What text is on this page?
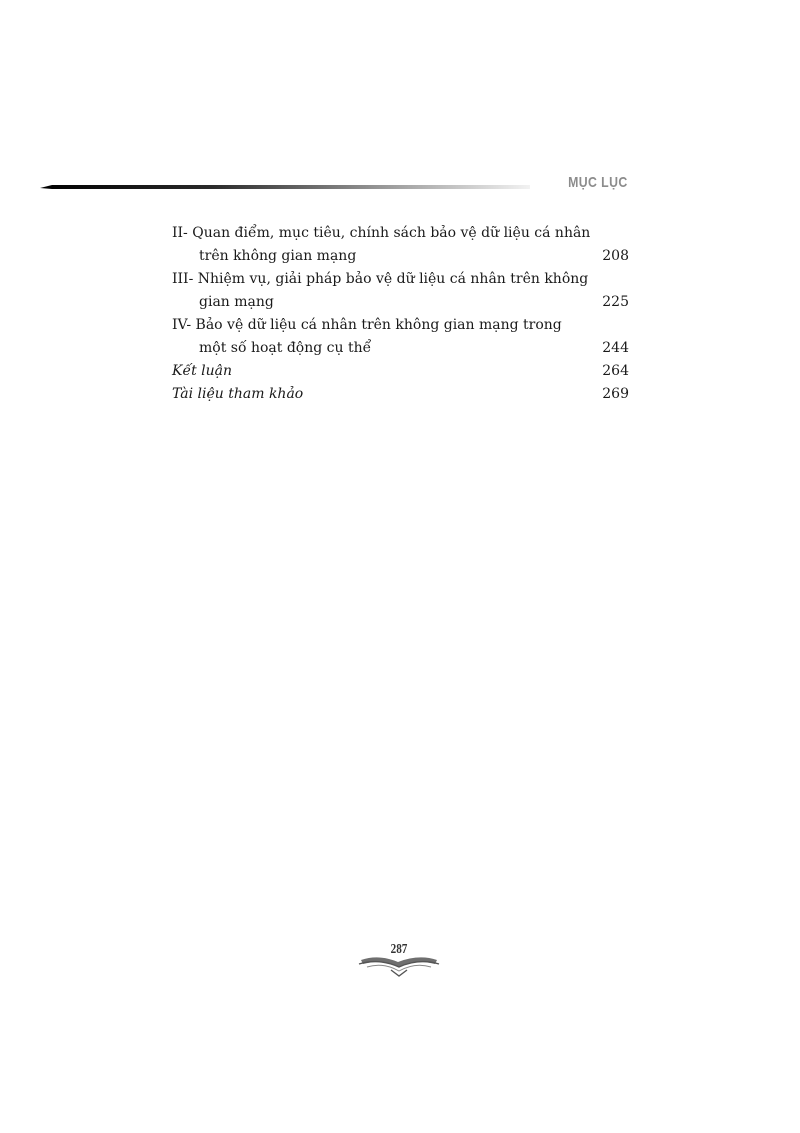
MỤC LỤC
II- Quan điểm, mục tiêu, chính sách bảo vệ dữ liệu cá nhân
trên không gian mạng	208
III- Nhiệm vụ, giải pháp bảo vệ dữ liệu cá nhân trên không
gian mạng	225
IV- Bảo vệ dữ liệu cá nhân trên không gian mạng trong
một số hoạt động cụ thể	244
Kết luận	264
Tài liệu tham khảo	269
287
